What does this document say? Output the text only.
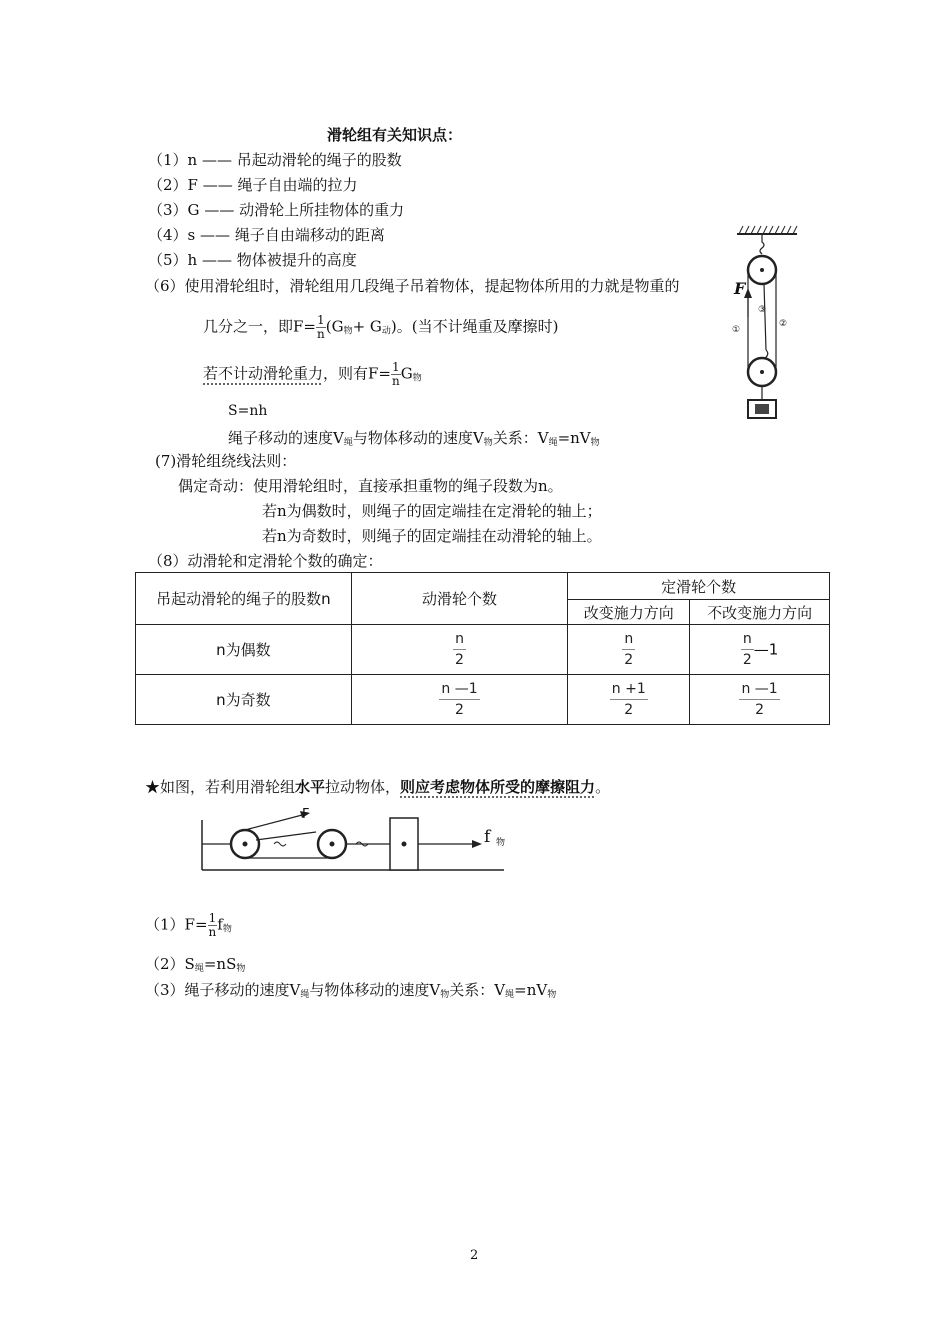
滑轮组有关知识点：
（1）n —— 吊起动滑轮的绳子的股数
（2）F —— 绳子自由端的拉力
（3）G —— 动滑轮上所挂物体的重力
（4）s —— 绳子自由端移动的距离
（5）h —— 物体被提升的高度
（6）使用滑轮组时，滑轮组用几段绳子吊着物体，提起物体所用的力就是物重的
几分之一，即$F= \frac{1}{n} (G_物+ G_动)$。(当不计绳重及摩擦时)
若不计动滑轮重力，则有$F= \frac{1}{n} G_物$
S=nh
绳子移动的速度$V_绳$与物体移动的速度$V_物$关系：$V_绳=nV_物$
F
①
②
③
(7)滑轮组绕线法则：
偶定奇动：使用滑轮组时，直接承担重物的绳子段数为n。
若n为偶数时，则绳子的固定端挂在定滑轮的轴上；
若n为奇数时，则绳子的固定端挂在动滑轮的轴上。
（8）动滑轮和定滑轮个数的确定：
吊起动滑轮的绳子的股数n	动滑轮个数	定滑轮个数	
		改变施力方向	不改变施力方向
n为偶数	$\frac{n}{2}$	$\frac{n}{2}$	$\frac{n}{2}$ —1
n为奇数	$\frac{n —1}{2}$	$\frac{n +1}{2}$	$\frac{n —1}{2}$
★如图，若利用滑轮组水平拉动物体，则应考虑物体所受的摩擦阻力。
F
f 物
$(1)F= \frac{1}{n} f_物$
$(2)S_绳=nS_物$
（3）绳子移动的速度$V_绳$与物体移动的速度$V_物$关系：$V_绳=nV_物$
2
